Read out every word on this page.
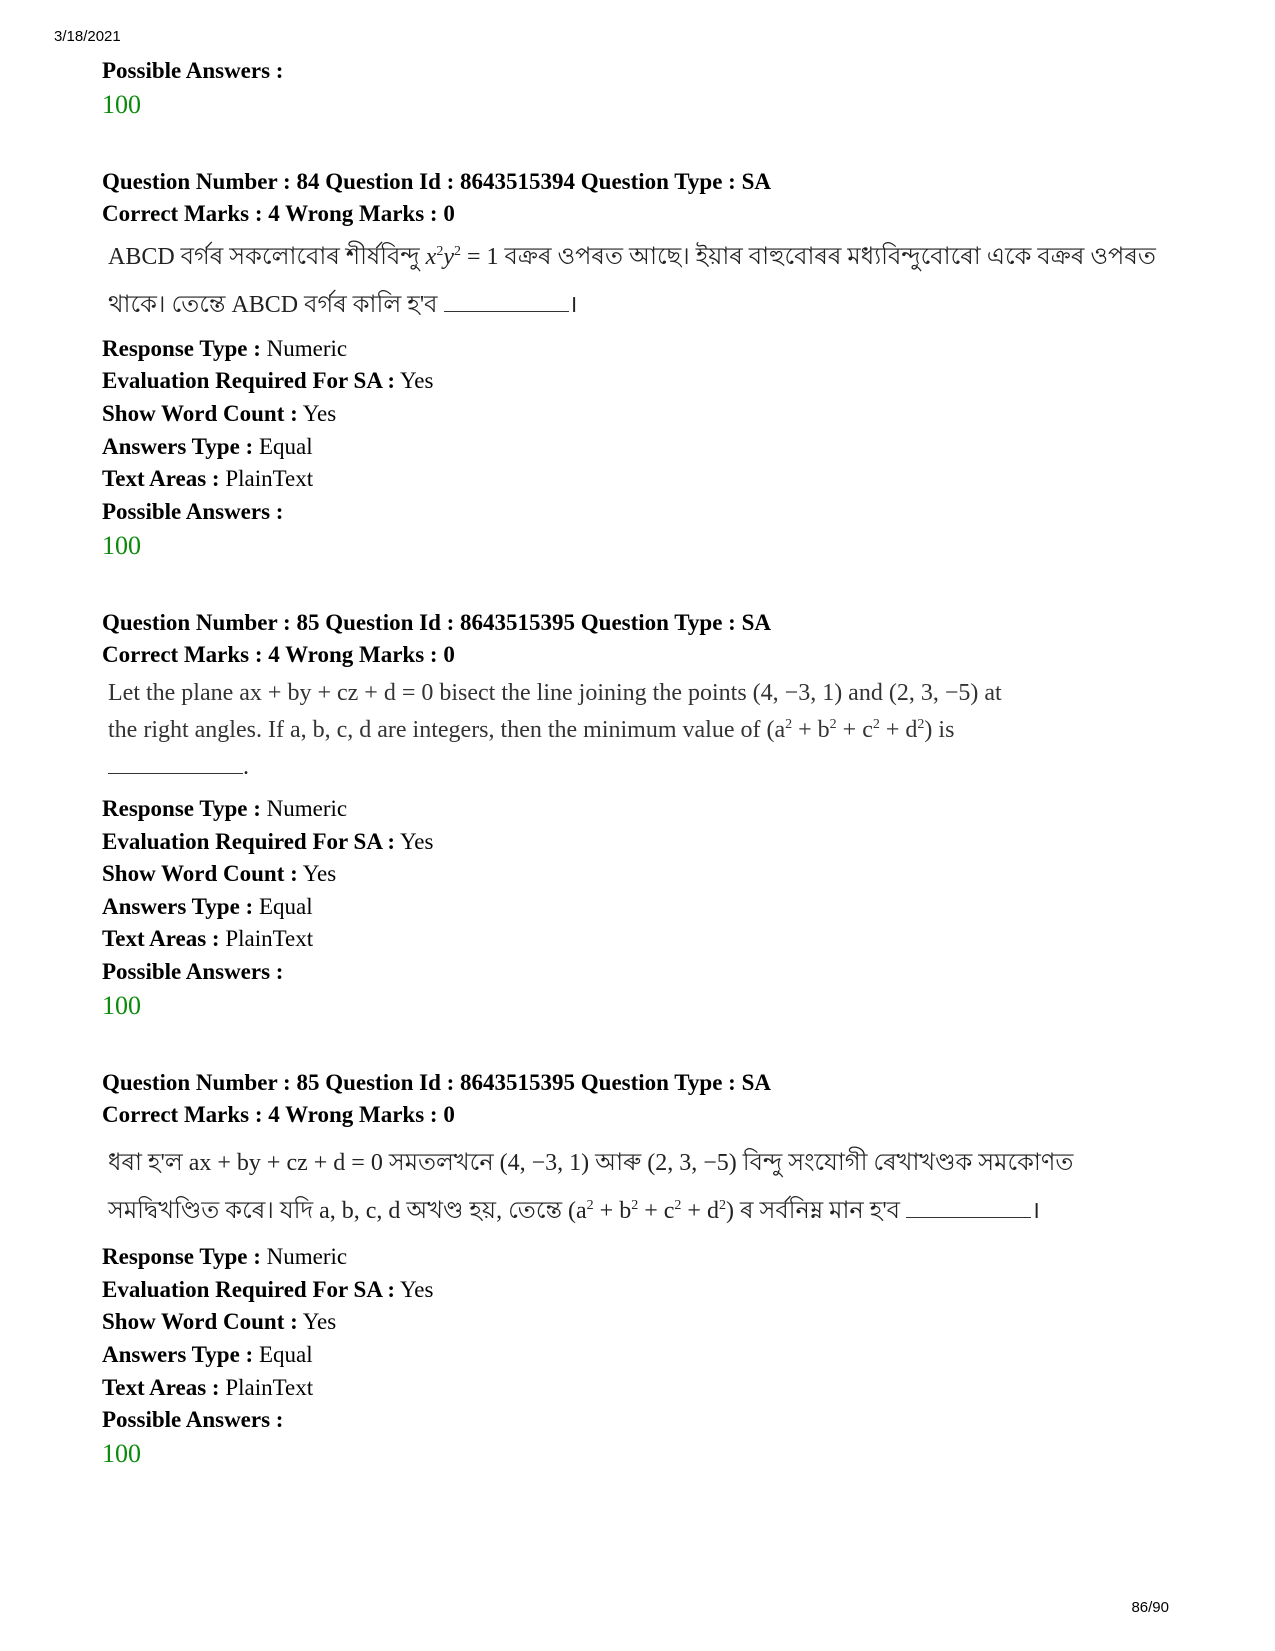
3/18/2021
Possible Answers :
100
Question Number : 84 Question Id : 8643515394 Question Type : SA
Correct Marks : 4 Wrong Marks : 0
ABCD বৰ্গৰ সকলোবোৰ শীৰ্ষবিন্দু $x^2y^2 = 1$ বক্ৰৰ ওপৰত আছে। ইয়াৰ বাহুবোৰৰ মধ্যবিন্দুবোৰো একে বক্ৰৰ ওপৰত
থাকে। তেন্তে ABCD বৰ্গৰ কালি হ'ব	।
Response Type : Numeric
Evaluation Required For SA : Yes
Show Word Count : Yes
Answers Type : Equal
Text Areas : PlainText
Possible Answers :
100
Question Number : 85 Question Id : 8643515395 Question Type : SA
Correct Marks : 4 Wrong Marks : 0
Let the plane ax + by + cz + d = 0 bisect the line joining the points (4, −3, 1) and (2, 3, −5) at
the right angles. If a, b, c, d are integers, then the minimum value of $(a^2 + b^2 + c^2 + d^2)$ is
.
Response Type : Numeric
Evaluation Required For SA : Yes
Show Word Count : Yes
Answers Type : Equal
Text Areas : PlainText
Possible Answers :
100
Question Number : 85 Question Id : 8643515395 Question Type : SA
Correct Marks : 4 Wrong Marks : 0
ধৰা হ'ল ax + by + cz + d = 0 সমতলখনে (4, −3, 1) আৰু (2, 3, −5) বিন্দু সংযোগী ৰেখাখণ্ডক সমকোণত
সমদ্বিখণ্ডিত কৰে। যদি a, b, c, d অখণ্ড হয়, তেন্তে $(a^2 + b^2 + c^2 + d^2)$ ৰ সৰ্বনিম্ন মান হ'ব	।
Response Type : Numeric
Evaluation Required For SA : Yes
Show Word Count : Yes
Answers Type : Equal
Text Areas : PlainText
Possible Answers :
100
86/90
